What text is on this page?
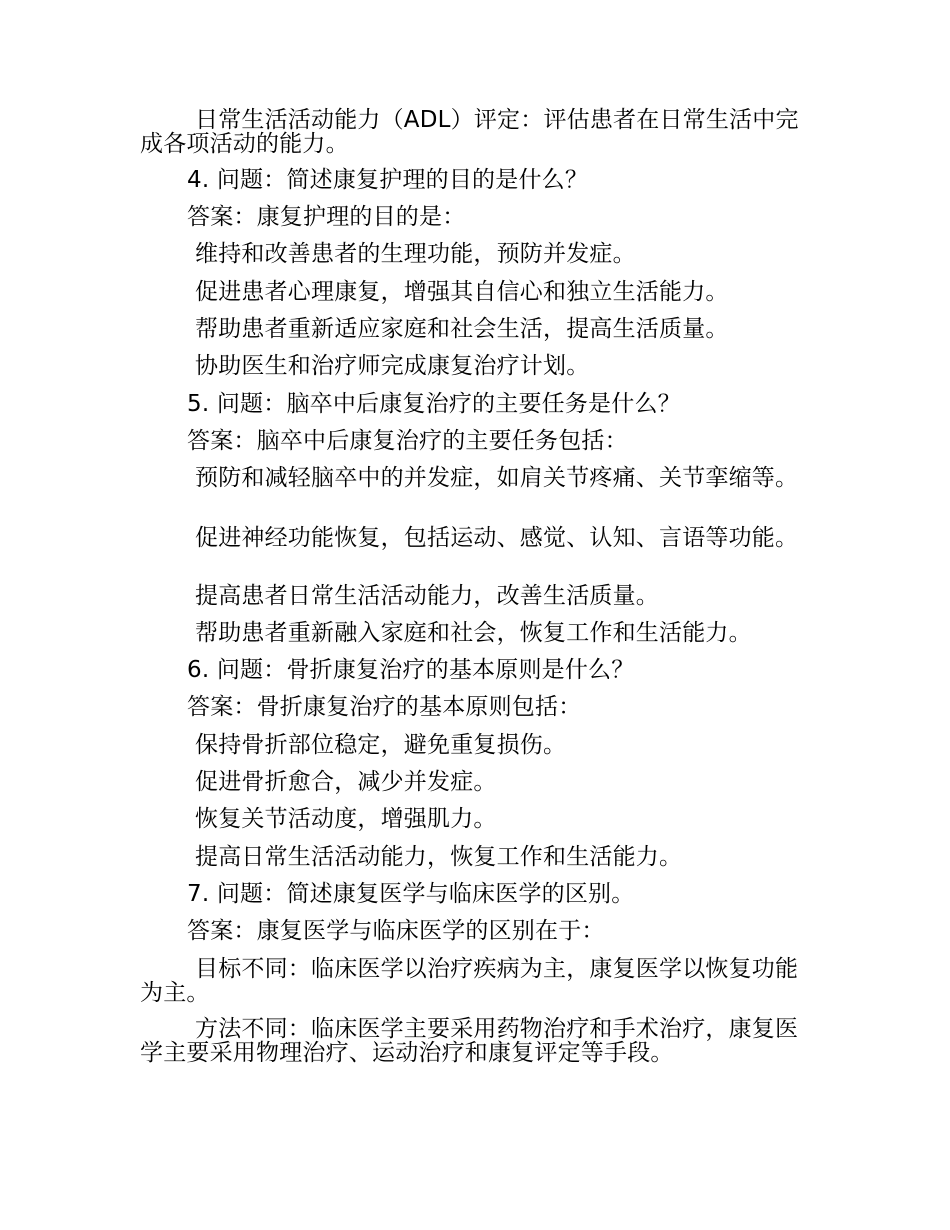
日常生活活动能力（ADL）评定：评估患者在日常生活中完成各项活动的能力。
4. 问题：简述康复护理的目的是什么？
答案：康复护理的目的是：
维持和改善患者的生理功能，预防并发症。
促进患者心理康复，增强其自信心和独立生活能力。
帮助患者重新适应家庭和社会生活，提高生活质量。
协助医生和治疗师完成康复治疗计划。
5. 问题：脑卒中后康复治疗的主要任务是什么？
答案：脑卒中后康复治疗的主要任务包括：
预防和减轻脑卒中的并发症，如肩关节疼痛、关节挛缩等。
促进神经功能恢复，包括运动、感觉、认知、言语等功能。
提高患者日常生活活动能力，改善生活质量。
帮助患者重新融入家庭和社会，恢复工作和生活能力。
6. 问题：骨折康复治疗的基本原则是什么？
答案：骨折康复治疗的基本原则包括：
保持骨折部位稳定，避免重复损伤。
促进骨折愈合，减少并发症。
恢复关节活动度，增强肌力。
提高日常生活活动能力，恢复工作和生活能力。
7. 问题：简述康复医学与临床医学的区别。
答案：康复医学与临床医学的区别在于：
目标不同：临床医学以治疗疾病为主，康复医学以恢复功能为主。
方法不同：临床医学主要采用药物治疗和手术治疗，康复医学主要采用物理治疗、运动治疗和康复评定等手段。
